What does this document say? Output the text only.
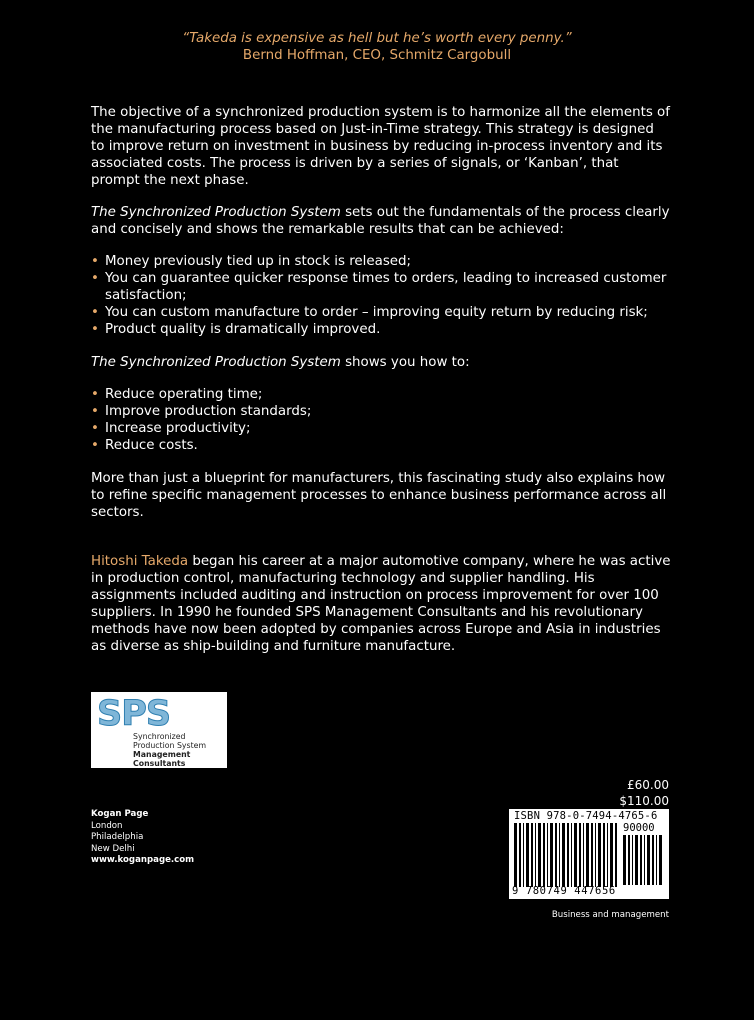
“Takeda is expensive as hell but he’s worth every penny.”
Bernd Hoffman, CEO, Schmitz Cargobull

The objective of a synchronized production system is to harmonize all the elements of the manufacturing process based on Just-in-Time strategy. This strategy is designed to improve return on investment in business by reducing in-process inventory and its associated costs. The process is driven by a series of signals, or ‘Kanban’, that prompt the next phase.

The Synchronized Production System sets out the fundamentals of the process clearly and concisely and shows the remarkable results that can be achieved:

• Money previously tied up in stock is released;
• You can guarantee quicker response times to orders, leading to increased customer satisfaction;
• You can custom manufacture to order – improving equity return by reducing risk;
• Product quality is dramatically improved.

The Synchronized Production System shows you how to:

• Reduce operating time;
• Improve production standards;
• Increase productivity;
• Reduce costs.

More than just a blueprint for manufacturers, this fascinating study also explains how to refine specific management processes to enhance business performance across all sectors.

Hitoshi Takeda began his career at a major automotive company, where he was active in production control, manufacturing technology and supplier handling. His assignments included auditing and instruction on process improvement for over 100 suppliers. In 1990 he founded SPS Management Consultants and his revolutionary methods have now been adopted by companies across Europe and Asia in industries as diverse as ship-building and furniture manufacture.

SPS
Synchronized
Production System
Management Consultants
Kogan Page
London
Philadelphia
New Delhi
www.koganpage.com
£60.00
$110.00
ISBN 978-0-7494-4765-6
90000
9 780749 447656
Business and management
